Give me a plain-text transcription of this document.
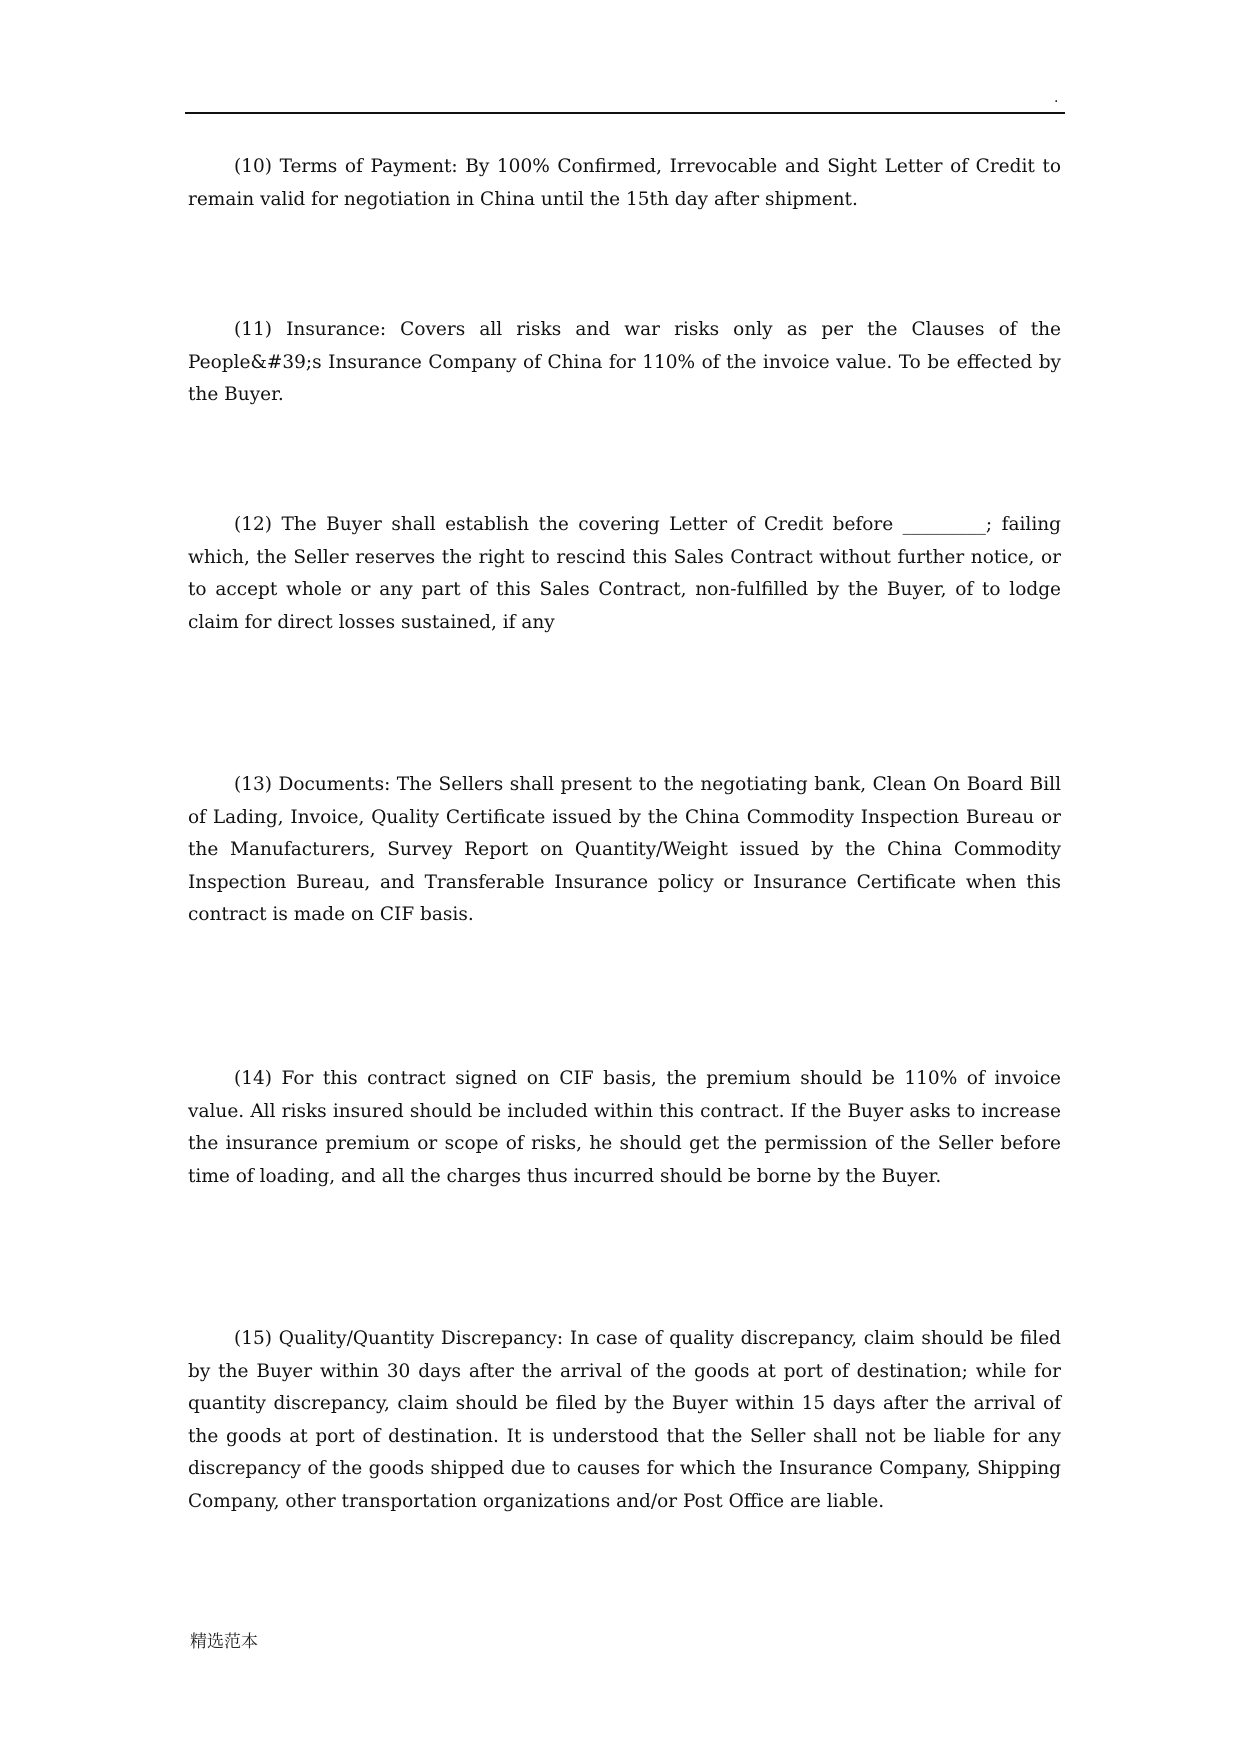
.

(10) Terms of Payment: By 100% Confirmed, Irrevocable and Sight Letter of Credit to remain valid for negotiation in China until the 15th day after shipment.

(11) Insurance: Covers all risks and war risks only as per the Clauses of the People&#39;s Insurance Company of China for 110% of the invoice value. To be effected by the Buyer.

(12) The Buyer shall establish the covering Letter of Credit before _________; failing which, the Seller reserves the right to rescind this Sales Contract without further notice, or to accept whole or any part of this Sales Contract, non-fulfilled by the Buyer, of to lodge claim for direct losses sustained, if any

(13) Documents: The Sellers shall present to the negotiating bank, Clean On Board Bill of Lading, Invoice, Quality Certificate issued by the China Commodity Inspection Bureau or the Manufacturers, Survey Report on Quantity/Weight issued by the China Commodity Inspection Bureau, and Transferable Insurance policy or Insurance Certificate when this contract is made on CIF basis.

(14) For this contract signed on CIF basis, the premium should be 110% of invoice value. All risks insured should be included within this contract. If the Buyer asks to increase the insurance premium or scope of risks, he should get the permission of the Seller before time of loading, and all the charges thus incurred should be borne by the Buyer.

(15) Quality/Quantity Discrepancy: In case of quality discrepancy, claim should be filed by the Buyer within 30 days after the arrival of the goods at port of destination; while for quantity discrepancy, claim should be filed by the Buyer within 15 days after the arrival of the goods at port of destination. It is understood that the Seller shall not be liable for any discrepancy of the goods shipped due to causes for which the Insurance Company, Shipping Company, other transportation organizations and/or Post Office are liable.

精选范本
